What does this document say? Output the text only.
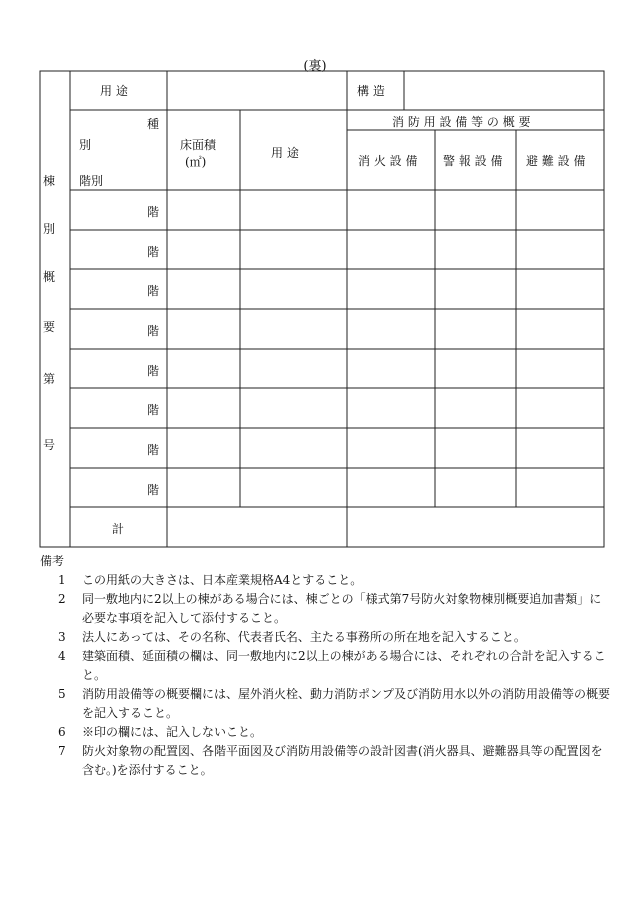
(裏)
用 途	構 造
種
別
階別
床面積
(㎡)
用 途
消 防 用 設 備 等 の 概 要
消 火 設 備 警 報 設 備 避 難 設 備
棟
別
概
要
第
号
階
階
階
階
階
階
階
階
計
備考
1 この用紙の大きさは、日本産業規格A4とすること。
2 同一敷地内に2以上の棟がある場合には、棟ごとの「様式第7号防火対象物棟別概要追加書類」に必要な事項を記入して添付すること。
3 法人にあっては、その名称、代表者氏名、主たる事務所の所在地を記入すること。
4 建築面積、延面積の欄は、同一敷地内に2以上の棟がある場合には、それぞれの合計を記入すること。
5 消防用設備等の概要欄には、屋外消火栓、動力消防ポンプ及び消防用水以外の消防用設備等の概要を記入すること。
6 ※印の欄には、記入しないこと。
7 防火対象物の配置図、各階平面図及び消防用設備等の設計図書(消火器具、避難器具等の配置図を含む。)を添付すること。
